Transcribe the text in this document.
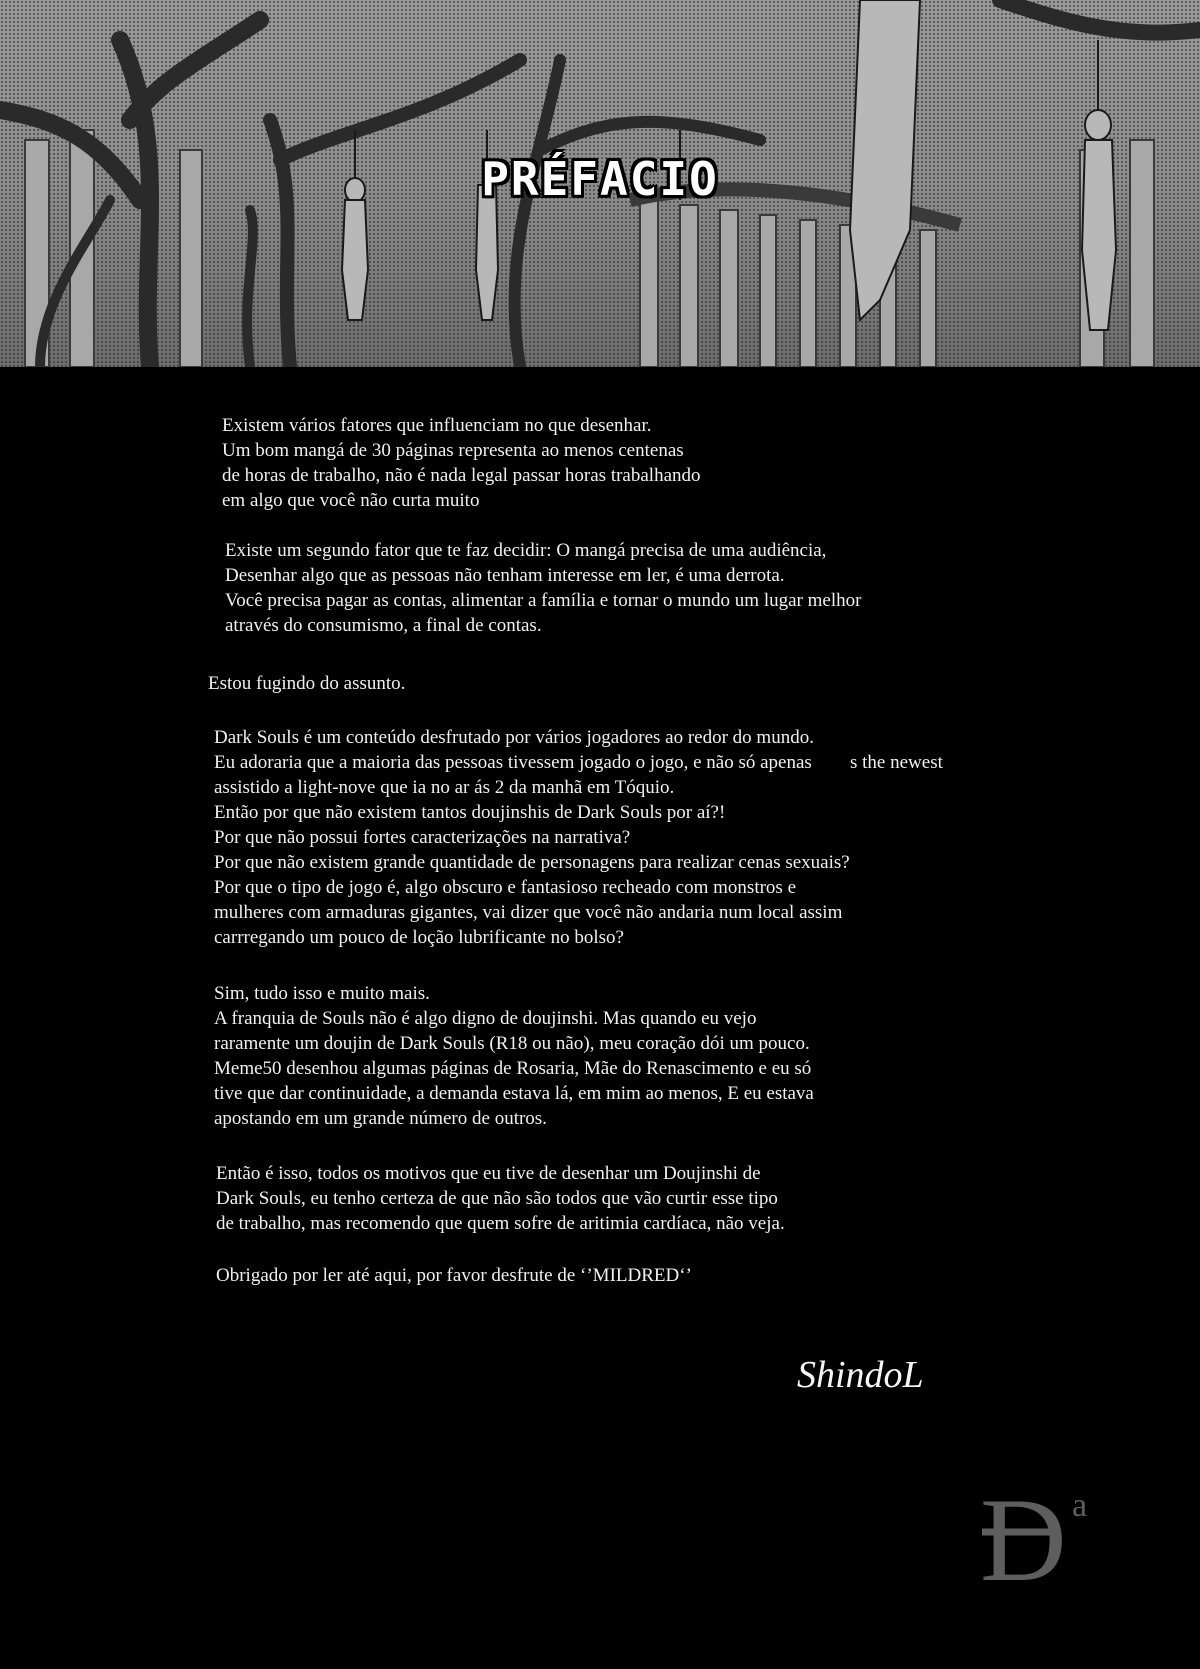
PRÉFACIO
Existem vários fatores que influenciam no que desenhar.
Um bom mangá de 30 páginas representa ao menos centenas
de horas de trabalho, não é nada legal passar horas trabalhando
em algo que você não curta muito
Existe um segundo fator que te faz decidir: O mangá precisa de uma audiência,
Desenhar algo que as pessoas não tenham interesse em ler, é uma derrota.
Você precisa pagar as contas, alimentar a família e tornar o mundo um lugar melhor
através do consumismo, a final de contas.
Estou fugindo do assunto.
Dark Souls é um conteúdo desfrutado por vários jogadores ao redor do mundo.
Eu adoraria que a maioria das pessoas tivessem jogado o jogo, e não só apenas
assistido a light-nove que ia no ar ás 2 da manhã em Tóquio.
Então por que não existem tantos doujinshis de Dark Souls por aí?!
Por que não possui fortes caracterizações na narrativa?
Por que não existem grande quantidade de personagens para realizar cenas sexuais?
Por que o tipo de jogo é, algo obscuro e fantasioso recheado com monstros e
mulheres com armaduras gigantes, vai dizer que você não andaria num local assim
carrregando um pouco de loção lubrificante no bolso?
s the newest
Sim, tudo isso e muito mais.
A franquia de Souls não é algo digno de doujinshi. Mas quando eu vejo
raramente um doujin de Dark Souls (R18 ou não), meu coração dói um pouco.
Meme50 desenhou algumas páginas de Rosaria, Mãe do Renascimento e eu só
tive que dar continuidade, a demanda estava lá, em mim ao menos, E eu estava
apostando em um grande número de outros.
Então é isso, todos os motivos que eu tive de desenhar um Doujinshi de
Dark Souls, eu tenho certeza de que não são todos que vão curtir esse tipo
de trabalho, mas recomendo que quem sofre de aritimia cardíaca, não veja.
Obrigado por ler até aqui, por favor desfrute de ‘’MILDRED‘’
ShindoL
D a
